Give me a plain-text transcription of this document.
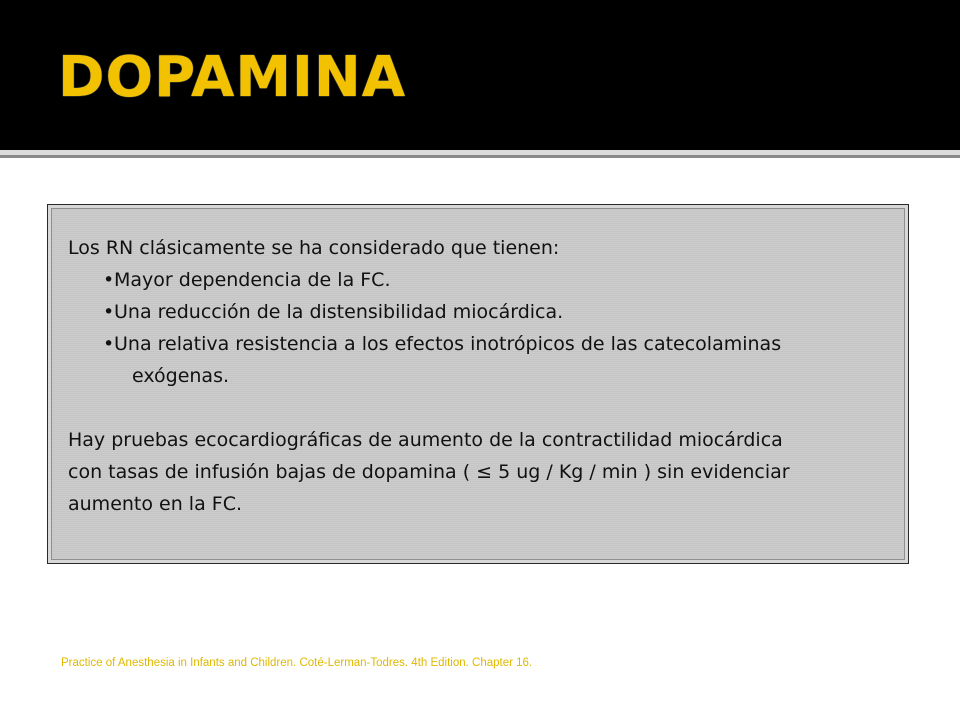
DOPAMINA
Los RN clásicamente se ha considerado que tienen:
• Mayor dependencia de la FC.
• Una reducción de la distensibilidad miocárdica.
• Una relativa resistencia a los efectos inotrópicos de las catecolaminas
exógenas.
Hay pruebas ecocardiográficas de aumento de la contractilidad miocárdica
con tasas de infusión bajas de dopamina ( ≤ 5 ug / Kg / min ) sin evidenciar
aumento en la FC.
Practice of Anesthesia in Infants and Children. Coté-Lerman-Todres. 4th Edition. Chapter 16.
